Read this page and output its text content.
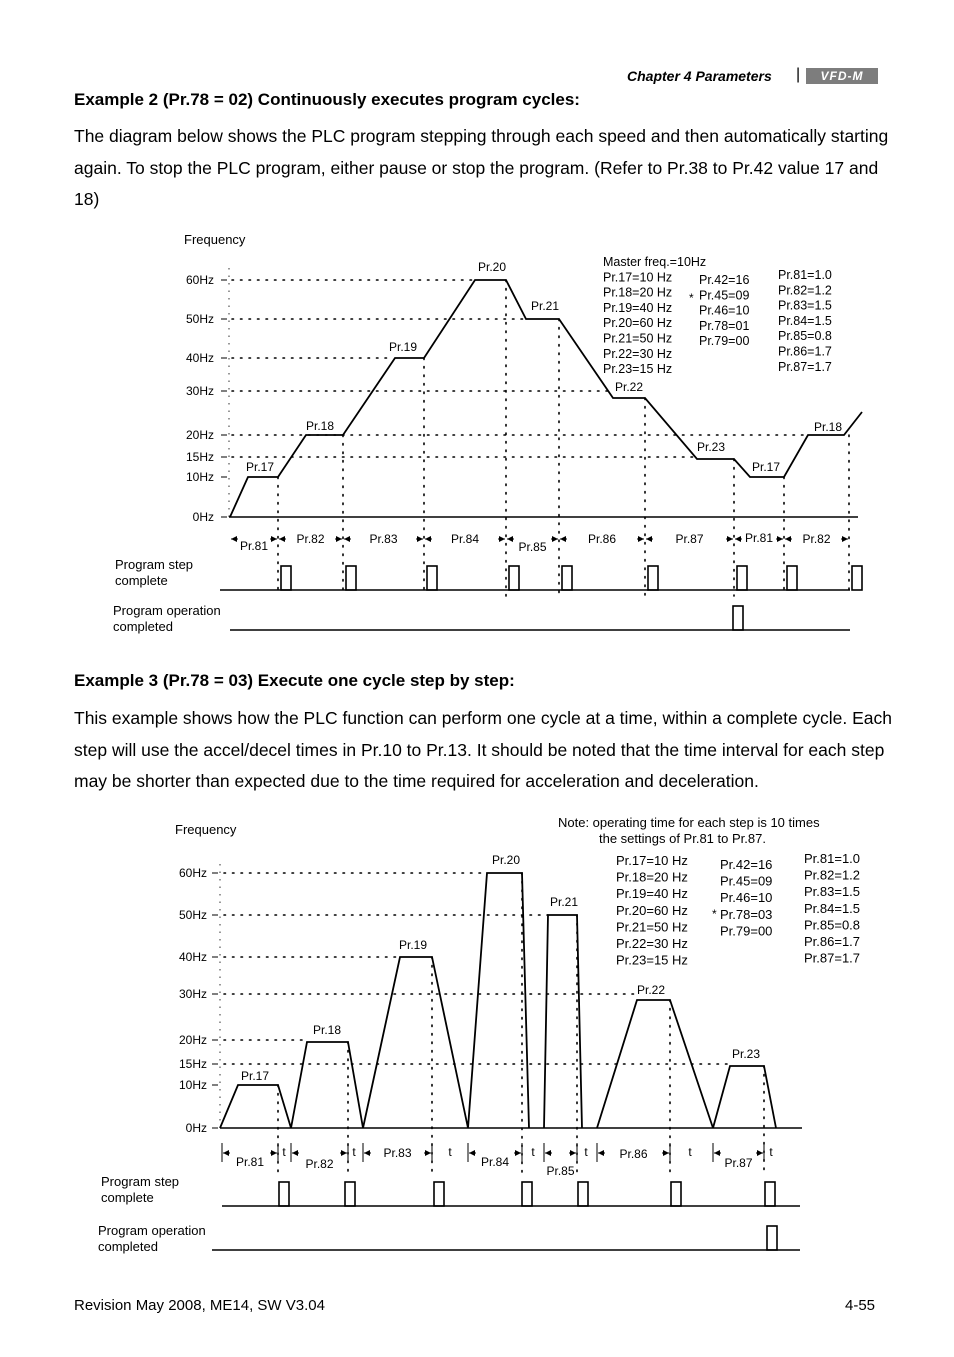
Chapter 4 Parameters |	VFD-M
Example 2 (Pr.78 = 02) Continuously executes program cycles:
The diagram below shows the PLC program stepping through each speed and then automatically starting again. To stop the PLC program, either pause or stop the program. (Refer to Pr.38 to Pr.42 value 17 and 18)
Frequency
60Hz
50Hz
40Hz
30Hz
20Hz
15Hz
10Hz
0Hz
Pr.17
Pr.18
Pr.19
Pr.20
Pr.21
Pr.22
Pr.23
Pr.17
Pr.18
Pr.81 Pr.82	Pr.83	Pr.84
Pr.85
Pr.86	Pr.87	Pr.81 Pr.82
Master freq.=10Hz
Pr.17=10 Hz
Pr.18=20 Hz
Pr.19=40 Hz
Pr.20=60 Hz
Pr.21=50 Hz
Pr.22=30 Hz
Pr.23=15 Hz
Pr.42=16
Pr.45=09
Pr.46=10
Pr.78=01
Pr.79=00
*
Pr.81=1.0
Pr.82=1.2
Pr.83=1.5
Pr.84=1.5
Pr.85=0.8
Pr.86=1.7
Pr.87=1.7
Program step
complete
Program operation
completed
Example 3 (Pr.78 = 03) Execute one cycle step by step:
This example shows how the PLC function can perform one cycle at a time, within a complete cycle. Each step will use the accel/decel times in Pr.10 to Pr.13. It should be noted that the time interval for each step may be shorter than expected due to the time required for acceleration and deceleration.
Frequency	Note: operating time for each step is 10 times
the settings of Pr.81 to Pr.87.
60Hz
50Hz
40Hz
30Hz
20Hz
15Hz
10Hz
0Hz
Pr.17
Pr.18
Pr.19
Pr.20
Pr.21
Pr.22
Pr.23
Pr.81	Pr.82
Pr.83
Pr.84
Pr.85
Pr.86
Pr.87
t	t	t	t	t	t	t
Pr.17=10 Hz
Pr.18=20 Hz
Pr.19=40 Hz
Pr.20=60 Hz
Pr.21=50 Hz
Pr.22=30 Hz
Pr.23=15 Hz
Pr.42=16
Pr.45=09
Pr.46=10
Pr.78=03
Pr.79=00
*
Pr.81=1.0
Pr.82=1.2
Pr.83=1.5
Pr.84=1.5
Pr.85=0.8
Pr.86=1.7
Pr.87=1.7
Program step
complete
Program operation
completed
Revision May 2008, ME14, SW V3.04	4-55
